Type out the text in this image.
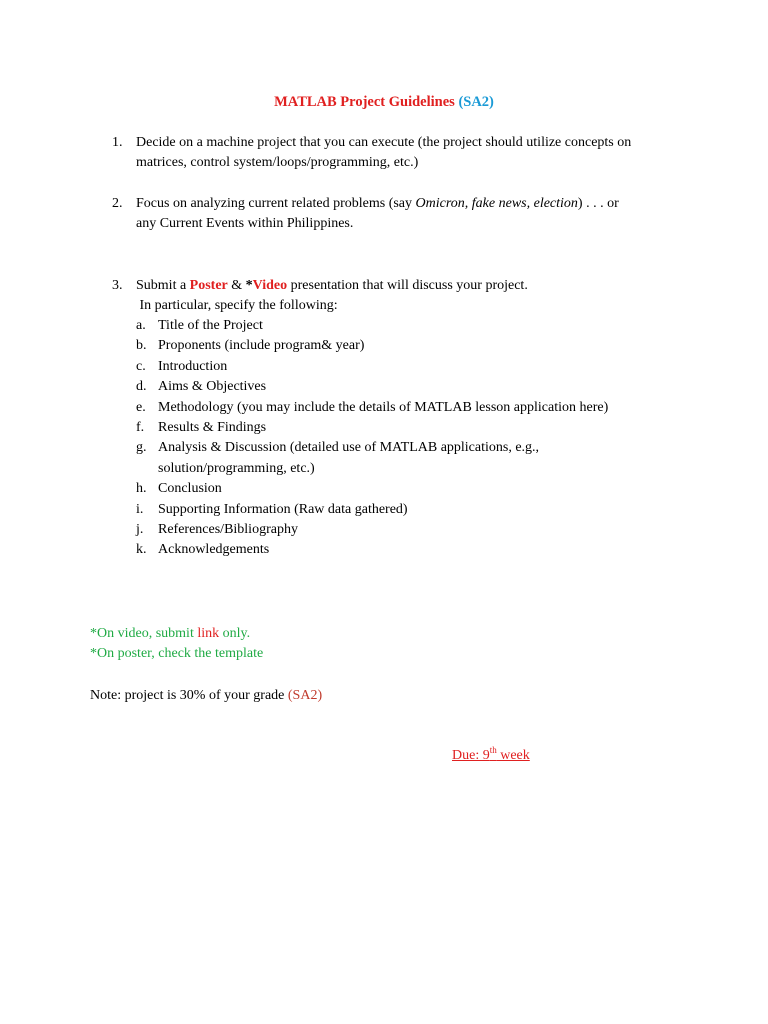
MATLAB Project Guidelines (SA2)
1. Decide on a machine project that you can execute (the project should utilize concepts on
matrices, control system/loops/programming, etc.)
2. Focus on analyzing current related problems (say Omicron, fake news, election) . . . or
any Current Events within Philippines.
3. Submit a Poster & *Video presentation that will discuss your project.
In particular, specify the following:
a. Title of the Project
b. Proponents (include program& year)
c. Introduction
d. Aims & Objectives
e. Methodology (you may include the details of MATLAB lesson application here)
f. Results & Findings
g. Analysis & Discussion (detailed use of MATLAB applications, e.g.,
solution/programming, etc.)
h. Conclusion
i. Supporting Information (Raw data gathered)
j. References/Bibliography
k. Acknowledgements
*On video, submit link only.
*On poster, check the template
Note: project is 30% of your grade (SA2)
Due: 9th week
